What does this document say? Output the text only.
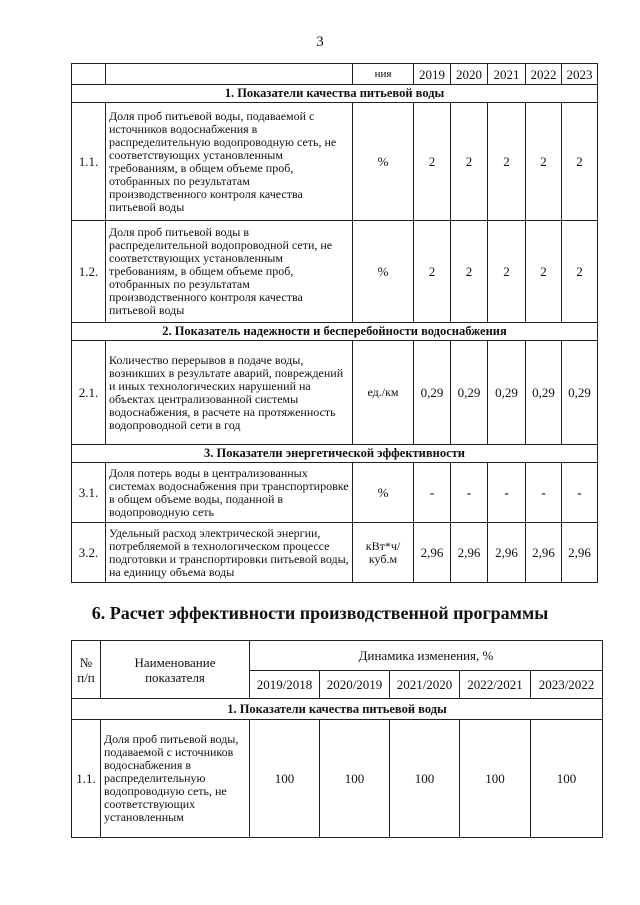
3
		ния	2019	2020	2021	2022	2023
1. Показатели качества питьевой воды							
1.1.	Доля проб питьевой воды, подаваемой с источников водоснабжения в распределительную водопроводную сеть, не соответствующих установленным требованиям, в общем объеме проб, отобранных по результатам производственного контроля качества питьевой воды	%	2	2	2	2	2
1.2.	Доля проб питьевой воды в распределительной водопроводной сети, не соответствующих установленным требованиям, в общем объеме проб, отобранных по результатам производственного контроля качества питьевой воды	%	2	2	2	2	2
2. Показатель надежности и бесперебойности водоснабжения							
2.1.	Количество перерывов в подаче воды, возникших в результате аварий, повреждений и иных технологических нарушений на объектах централизованной системы водоснабжения, в расчете на протяженность водопроводной сети в год	ед./км	0,29	0,29	0,29	0,29	0,29
3. Показатели энергетической эффективности							
3.1.	Доля потерь воды в централизованных системах водоснабжения при транспортировке в общем объеме воды, поданной в водопроводную сеть	%	-	-	-	-	-
3.2.	Удельный расход электрической энергии, потребляемой в технологическом процессе подготовки и транспортировки питьевой воды, на единицу объема воды	кВт*ч/ куб.м	2,96	2,96	2,96	2,96	2,96
6. Расчет эффективности производственной программы
№ п/п	Наименование показателя	Динамика изменения, %				
		2019/2018	2020/2019	2021/2020	2022/2021	2023/2022
1. Показатели качества питьевой воды						
1.1.	Доля проб питьевой воды, подаваемой с источников водоснабжения в распределительную водопроводную сеть, не соответствующих установленным	100	100	100	100	100
